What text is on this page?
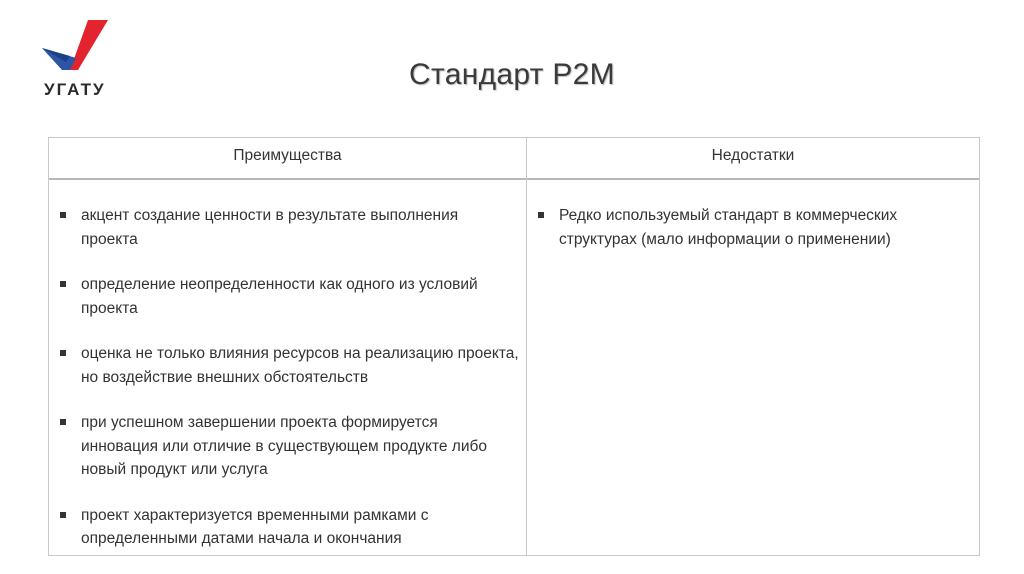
УГАТУ	Стандарт P2M
Преимущества	Недостатки
акцент создание ценности в результате выполнения проекта
определение неопределенности как одного из условий проекта
оценка не только влияния ресурсов на реализацию проекта, но воздействие внешних обстоятельств
при успешном завершении проекта формируется инновация или отличие в существующем продукте либо новый продукт или услуга
проект характеризуется временными рамками с определенными датами начала и окончания
Редко используемый стандарт в коммерческих структурах (мало информации о применении)
